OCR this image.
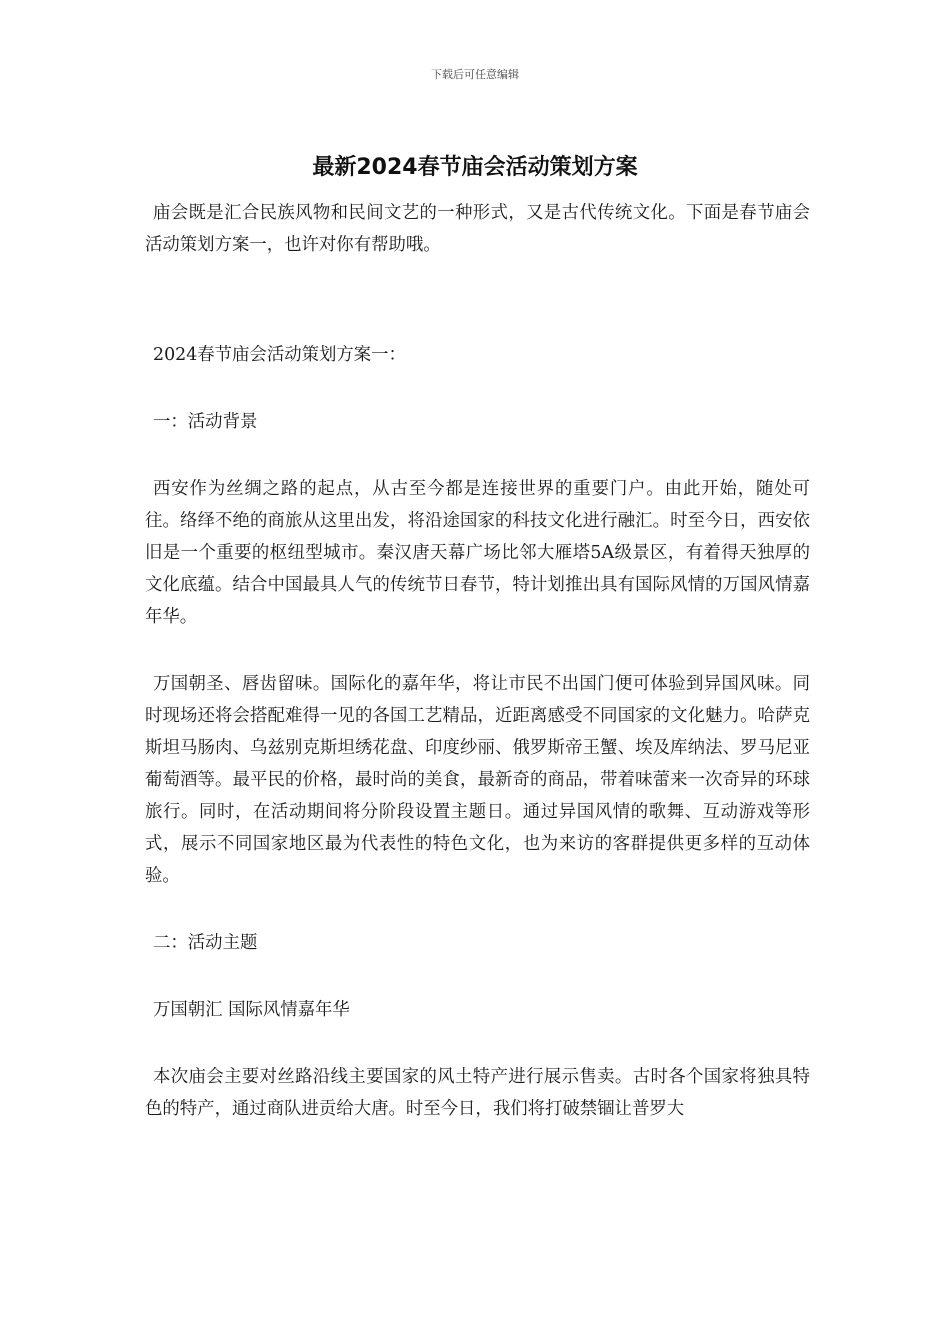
下载后可任意编辑
最新2024春节庙会活动策划方案

庙会既是汇合民族风物和民间文艺的一种形式，又是古代传统文化。下面是春节庙会活动策划方案一，也许对你有帮助哦。

2024春节庙会活动策划方案一：

一：活动背景

西安作为丝绸之路的起点，从古至今都是连接世界的重要门户。由此开始，随处可往。络绎不绝的商旅从这里出发，将沿途国家的科技文化进行融汇。时至今日，西安依旧是一个重要的枢纽型城市。秦汉唐天幕广场比邻大雁塔5A级景区，有着得天独厚的文化底蕴。结合中国最具人气的传统节日春节，特计划推出具有国际风情的万国风情嘉年华。

万国朝圣、唇齿留味。国际化的嘉年华，将让市民不出国门便可体验到异国风味。同时现场还将会搭配难得一见的各国工艺精品，近距离感受不同国家的文化魅力。哈萨克斯坦马肠肉、乌兹别克斯坦绣花盘、印度纱丽、俄罗斯帝王蟹、埃及库纳法、罗马尼亚葡萄酒等。最平民的价格，最时尚的美食，最新奇的商品，带着味蕾来一次奇异的环球旅行。同时，在活动期间将分阶段设置主题日。通过异国风情的歌舞、互动游戏等形式，展示不同国家地区最为代表性的特色文化，也为来访的客群提供更多样的互动体验。

二：活动主题

万国朝汇 国际风情嘉年华

本次庙会主要对丝路沿线主要国家的风土特产进行展示售卖。古时各个国家将独具特色的特产，通过商队进贡给大唐。时至今日，我们将打破禁锢让普罗大
